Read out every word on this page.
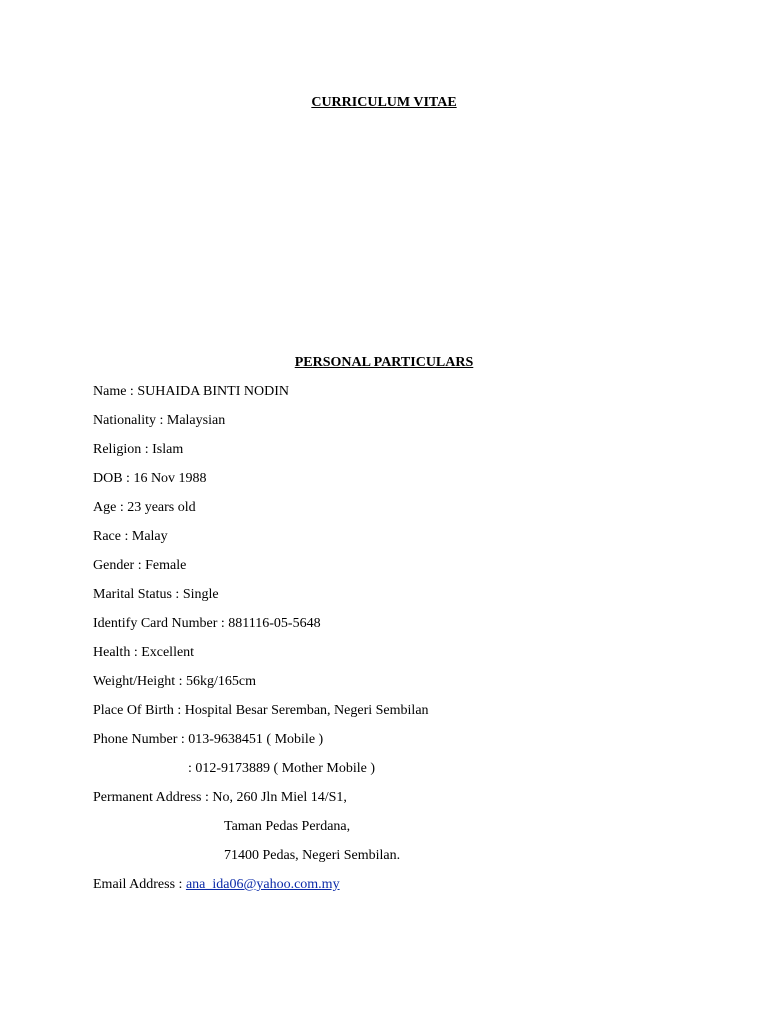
CURRICULUM VITAE
PERSONAL PARTICULARS
Name : SUHAIDA BINTI NODIN
Nationality : Malaysian
Religion : Islam
DOB : 16 Nov 1988
Age : 23 years old
Race : Malay
Gender : Female
Marital Status : Single
Identify Card Number : 881116-05-5648
Health : Excellent
Weight/Height : 56kg/165cm
Place Of Birth : Hospital Besar Seremban, Negeri Sembilan
Phone Number : 013-9638451 ( Mobile )
: 012-9173889 ( Mother Mobile )
Permanent Address : No, 260 Jln Miel 14/S1,
Taman Pedas Perdana,
71400 Pedas, Negeri Sembilan.
Email Address : ana_ida06@yahoo.com.my
